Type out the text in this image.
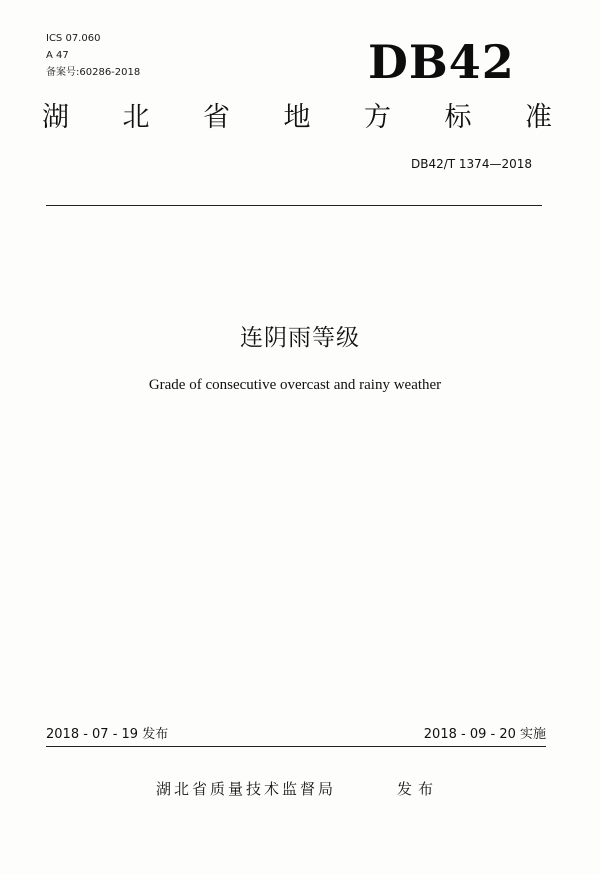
ICS 07.060
A 47
备案号:60286-2018	DB42
湖 北 省 地 方 标 准
DB42/T 1374—2018
连阴雨等级
Grade of consecutive overcast and rainy weather
2018 - 07 - 19 发布	2018 - 09 - 20 实施
湖北省质量技术监督局	发布
